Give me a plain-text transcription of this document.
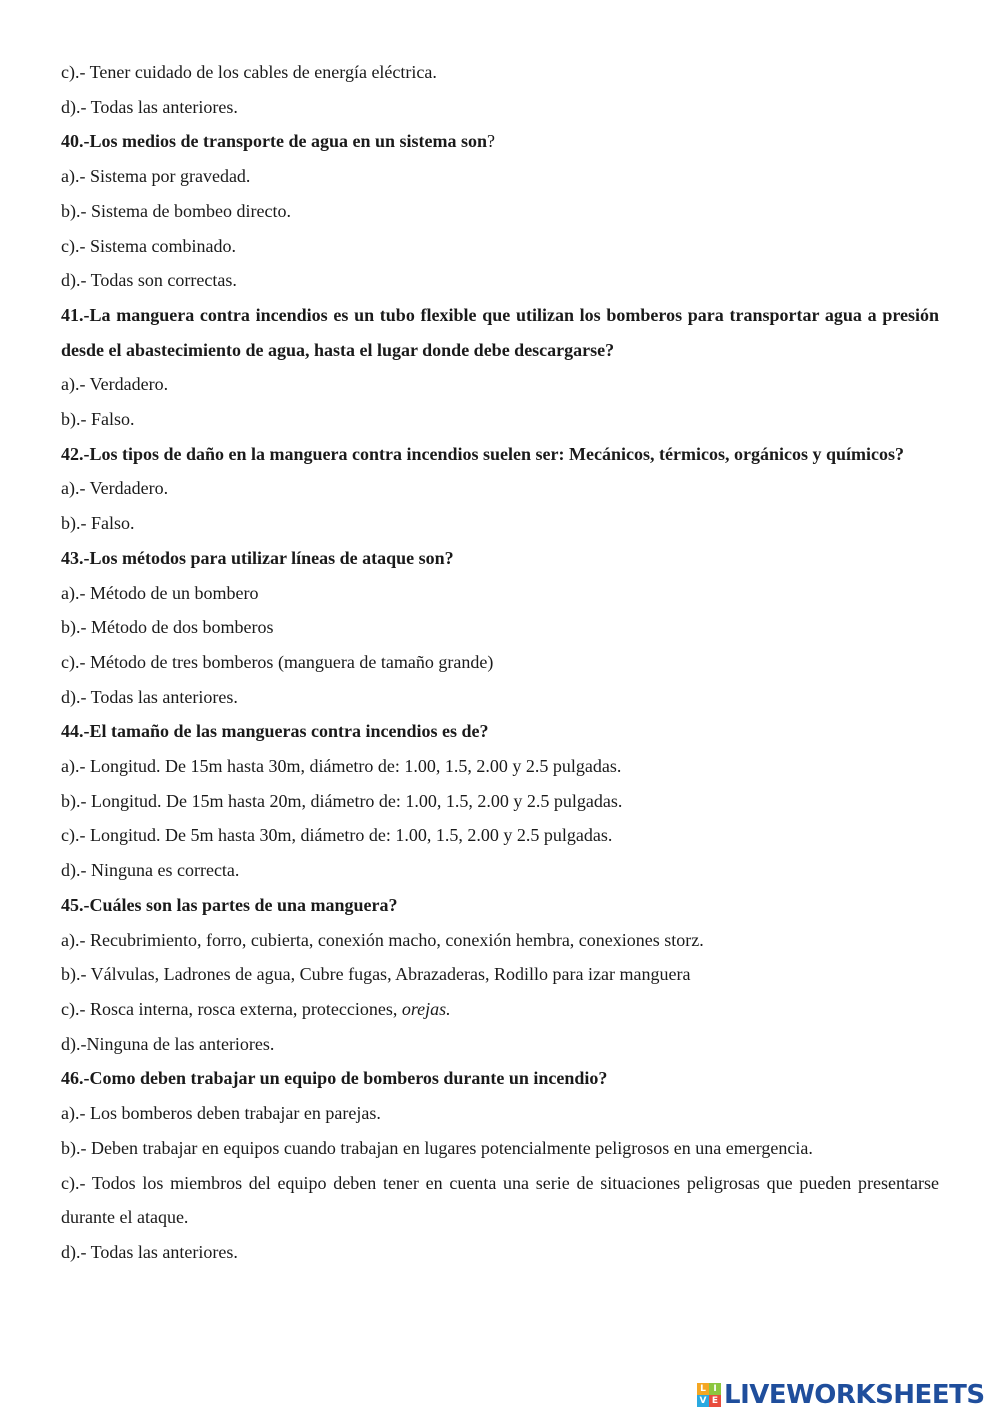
c).- Tener cuidado de los cables de energía eléctrica.
d).- Todas las anteriores.
40.-Los medios de transporte de agua en un sistema son?
a).- Sistema por gravedad.
b).- Sistema de bombeo directo.
c).- Sistema combinado.
d).- Todas son correctas.
41.-La manguera contra incendios es un tubo flexible que utilizan los bomberos para transportar agua a presión desde el abastecimiento de agua, hasta el lugar donde debe descargarse?
a).- Verdadero.
b).- Falso.
42.-Los tipos de daño en la manguera contra incendios suelen ser: Mecánicos, térmicos, orgánicos y químicos?
a).- Verdadero.
b).- Falso.
43.-Los métodos para utilizar líneas de ataque son?
a).- Método de un bombero
b).- Método de dos bomberos
c).- Método de tres bomberos (manguera de tamaño grande)
d).- Todas las anteriores.
44.-El tamaño de las mangueras contra incendios es de?
a).- Longitud. De 15m hasta 30m, diámetro de: 1.00, 1.5, 2.00 y 2.5 pulgadas.
b).- Longitud. De 15m hasta 20m, diámetro de: 1.00, 1.5, 2.00 y 2.5 pulgadas.
c).- Longitud. De 5m hasta 30m, diámetro de: 1.00, 1.5, 2.00 y 2.5 pulgadas.
d).- Ninguna es correcta.
45.-Cuáles son las partes de una manguera?
a).- Recubrimiento, forro, cubierta, conexión macho, conexión hembra, conexiones storz.
b).- Válvulas, Ladrones de agua, Cubre fugas, Abrazaderas, Rodillo para izar manguera
c).- Rosca interna, rosca externa, protecciones, orejas.
d).-Ninguna de las anteriores.
46.-Como deben trabajar un equipo de bomberos durante un incendio?
a).- Los bomberos deben trabajar en parejas.
b).- Deben trabajar en equipos cuando trabajan en lugares potencialmente peligrosos en una emergencia.
c).- Todos los miembros del equipo deben tener en cuenta una serie de situaciones peligrosas que pueden presentarse durante el ataque.
d).- Todas las anteriores.
L I
V E LIVEWORKSHEETS
